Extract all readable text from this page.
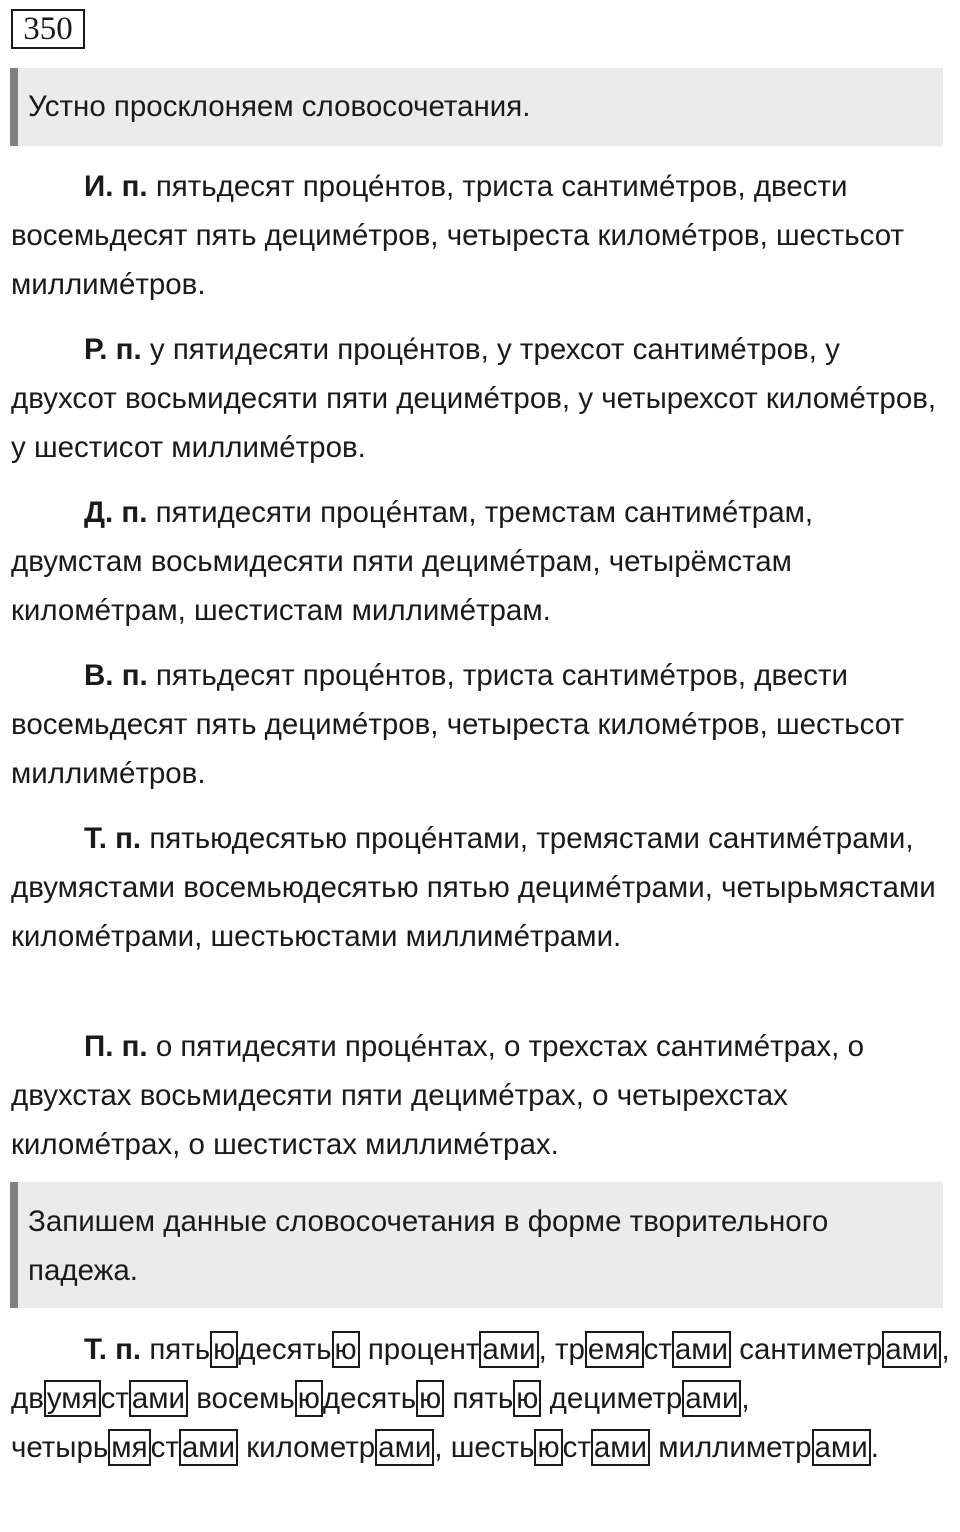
350
Устно просклоняем словосочетания.

И. п. пятьдесят проце́нтов, триста сантиме́тров, двести восемьдесят пять децимéтров, четыреста киломéтров, шестьсот миллимéтров.

Р. п. у пятидесяти проце́нтов, у трехсот сантимéтров, у двухсот восьмидесяти пяти децимéтров, у четырехсот киломéтров, у шестисот миллимéтров.

Д. п. пятидесяти процéнтам, тремстам сантимéтрам, двумстам восьмидесяти пяти децимéтрам, четырёмстам киломéтрам, шестистам миллимéтрам.

В. п. пятьдесят процéнтов, триста сантимéтров, двести восемьдесят пять децимéтров, четыреста киломéтров, шестьсот миллимéтров.

Т. п. пятьюдесятью процéнтами, тремястами сантимéтрами, двумястами восемьюдесятью пятью децимéтрами, четырьмястами киломéтрами, шестьюстами миллимéтрами.

П. п. о пятидесяти процéнтах, о трехстах сантимéтрах, о двухстах восьмидесяти пяти децимéтрах, о четырехстах киломéтрах, о шестистах миллимéтрах.

Запишем данные словосочетания в форме творительного падежа.

Т. п. пять ю десять ю процент ами , тр емя ст ами сантиметр ами , дв умя ст ами восемь ю десять ю пять ю дециметр ами , четырь мя ст ами километр ами , шесть ю ст ами миллиметр ами .
